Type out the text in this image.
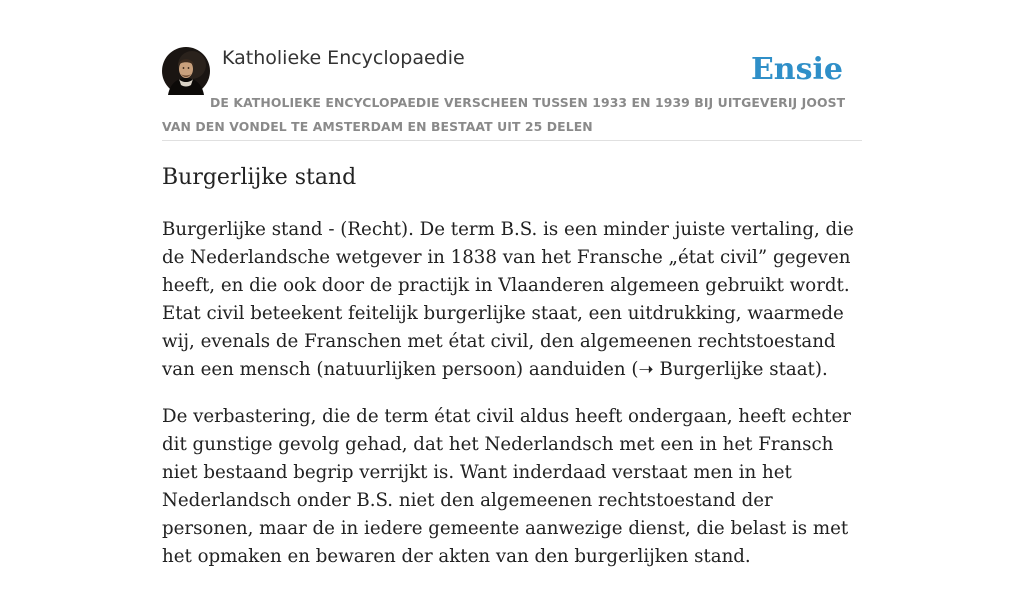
Katholieke Encyclopaedie	Ensie

DE KATHOLIEKE ENCYCLOPAEDIE VERSCHEEN TUSSEN 1933 EN 1939 BIJ UITGEVERIJ JOOST VAN DEN VONDEL TE AMSTERDAM EN BESTAAT UIT 25 DELEN

Burgerlijke stand

Burgerlijke stand - (Recht). De term B.S. is een minder juiste vertaling, die de Nederlandsche wetgever in 1838 van het Fransche „état civil” gegeven heeft, en die ook door de practijk in Vlaanderen algemeen gebruikt wordt. Etat civil beteekent feitelijk burgerlijke staat, een uitdrukking, waarmede wij, evenals de Franschen met état civil, den algemeenen rechtstoestand van een mensch (natuurlijken persoon) aanduiden (➝ Burgerlijke staat).

De verbastering, die de term état civil aldus heeft ondergaan, heeft echter dit gunstige gevolg gehad, dat het Nederlandsch met een in het Fransch niet bestaand begrip verrijkt is. Want inderdaad verstaat men in het Nederlandsch onder B.S. niet den algemeenen rechtstoestand der personen, maar de in iedere gemeente aanwezige dienst, die belast is met het opmaken en bewaren der akten van den burgerlijken stand.
